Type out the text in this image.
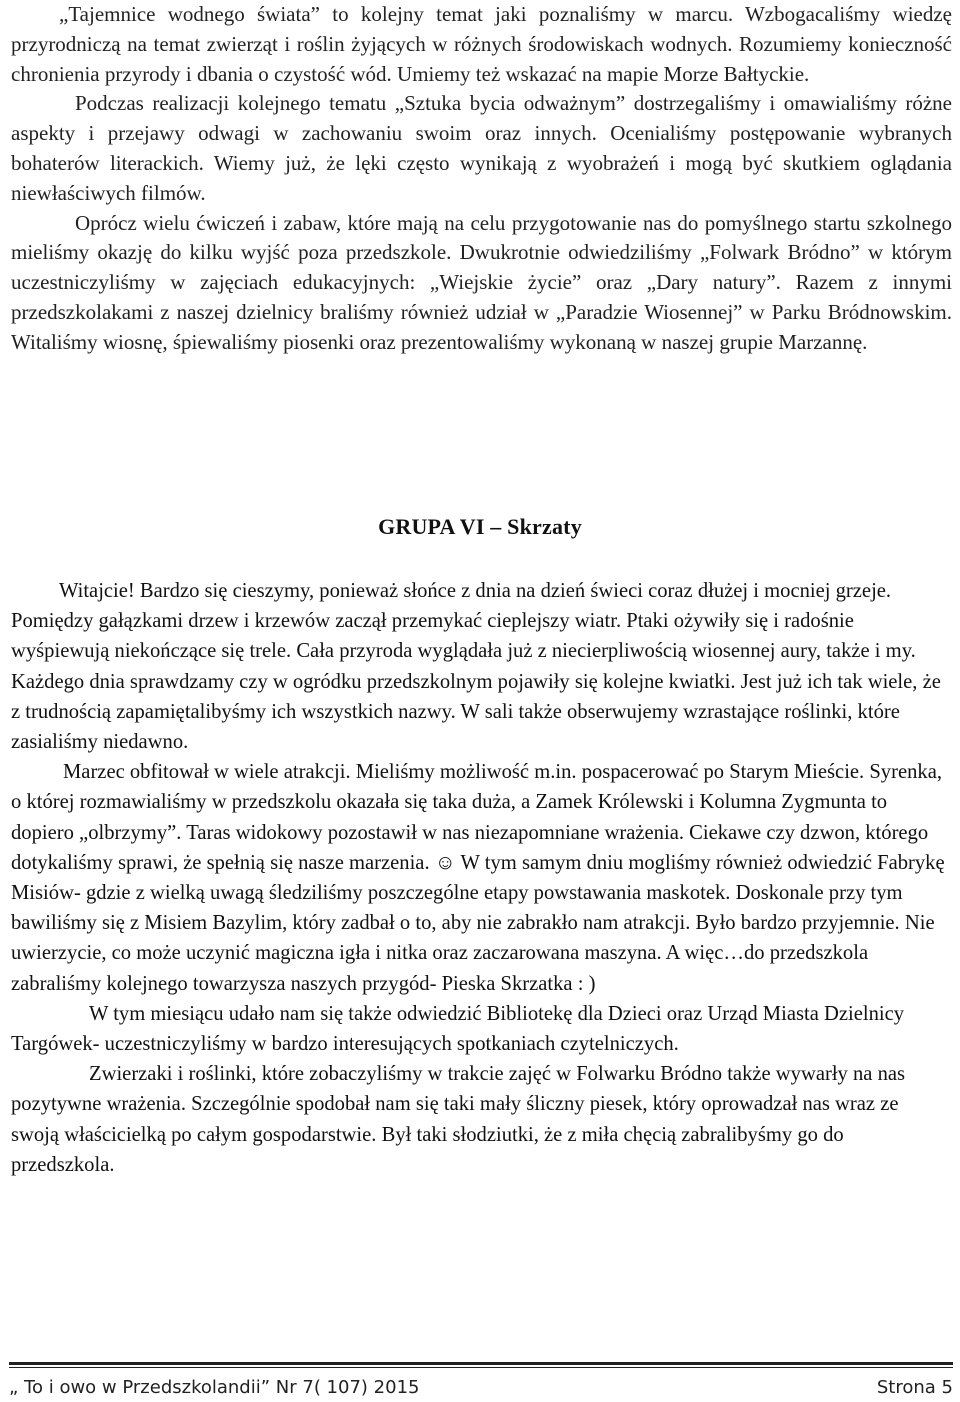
„Tajemnice wodnego świata” to kolejny temat jaki poznaliśmy w marcu. Wzbogacaliśmy wiedzę przyrodniczą na temat zwierząt i roślin żyjących w różnych środowiskach wodnych. Rozumiemy konieczność chronienia przyrody i dbania o czystość wód. Umiemy też wskazać na mapie Morze Bałtyckie.

Podczas realizacji kolejnego tematu „Sztuka bycia odważnym” dostrzegaliśmy i omawialiśmy różne aspekty i przejawy odwagi w zachowaniu swoim oraz innych. Ocenialiśmy postępowanie wybranych bohaterów literackich. Wiemy już, że lęki często wynikają z wyobrażeń i mogą być skutkiem oglądania niewłaściwych filmów.

Oprócz wielu ćwiczeń i zabaw, które mają na celu przygotowanie nas do pomyślnego startu szkolnego mieliśmy okazję do kilku wyjść poza przedszkole. Dwukrotnie odwiedziliśmy „Folwark Bródno” w którym uczestniczyliśmy w zajęciach edukacyjnych: „Wiejskie życie” oraz „Dary natury”. Razem z innymi przedszkolakami z naszej dzielnicy braliśmy również udział w „Paradzie Wiosennej” w Parku Bródnowskim. Witaliśmy wiosnę, śpiewaliśmy piosenki oraz prezentowaliśmy wykonaną w naszej grupie Marzannę.

GRUPA VI – Skrzaty

Witajcie! Bardzo się cieszymy, ponieważ słońce z dnia na dzień świeci coraz dłużej i mocniej grzeje. Pomiędzy gałązkami drzew i krzewów zaczął przemykać cieplejszy wiatr. Ptaki ożywiły się i radośnie wyśpiewują niekończące się trele. Cała przyroda wyglądała już z niecierpliwością wiosennej aury, także i my. Każdego dnia sprawdzamy czy w ogródku przedszkolnym pojawiły się kolejne kwiatki. Jest już ich tak wiele, że z trudnością zapamiętalibyśmy ich wszystkich nazwy. W sali także obserwujemy wzrastające roślinki, które zasialiśmy niedawno.

Marzec obfitował w wiele atrakcji. Mieliśmy możliwość m.in. pospacerować po Starym Mieście. Syrenka, o której rozmawialiśmy w przedszkolu okazała się taka duża, a Zamek Królewski i Kolumna Zygmunta to dopiero „olbrzymy”. Taras widokowy pozostawił w nas niezapomniane wrażenia. Ciekawe czy dzwon, którego dotykaliśmy sprawi, że spełnią się nasze marzenia. ☺ W tym samym dniu mogliśmy również odwiedzić Fabrykę Misiów- gdzie z wielką uwagą śledziliśmy poszczególne etapy powstawania maskotek. Doskonale przy tym bawiliśmy się z Misiem Bazylim, który zadbał o to, aby nie zabrakło nam atrakcji. Było bardzo przyjemnie. Nie uwierzycie, co może uczynić magiczna igła i nitka oraz zaczarowana maszyna. A więc…do przedszkola zabraliśmy kolejnego towarzysza naszych przygód- Pieska Skrzatka : )

W tym miesiącu udało nam się także odwiedzić Bibliotekę dla Dzieci oraz Urząd Miasta Dzielnicy Targówek- uczestniczyliśmy w bardzo interesujących spotkaniach czytelniczych.

Zwierzaki i roślinki, które zobaczyliśmy w trakcie zajęć w Folwarku Bródno także wywarły na nas pozytywne wrażenia. Szczególnie spodobał nam się taki mały śliczny piesek, który oprowadzał nas wraz ze swoją właścicielką po całym gospodarstwie. Był taki słodziutki, że z miła chęcią zabralibyśmy go do przedszkola.

„ To i owo w Przedszkolandii” Nr 7( 107) 2015	Strona 5
